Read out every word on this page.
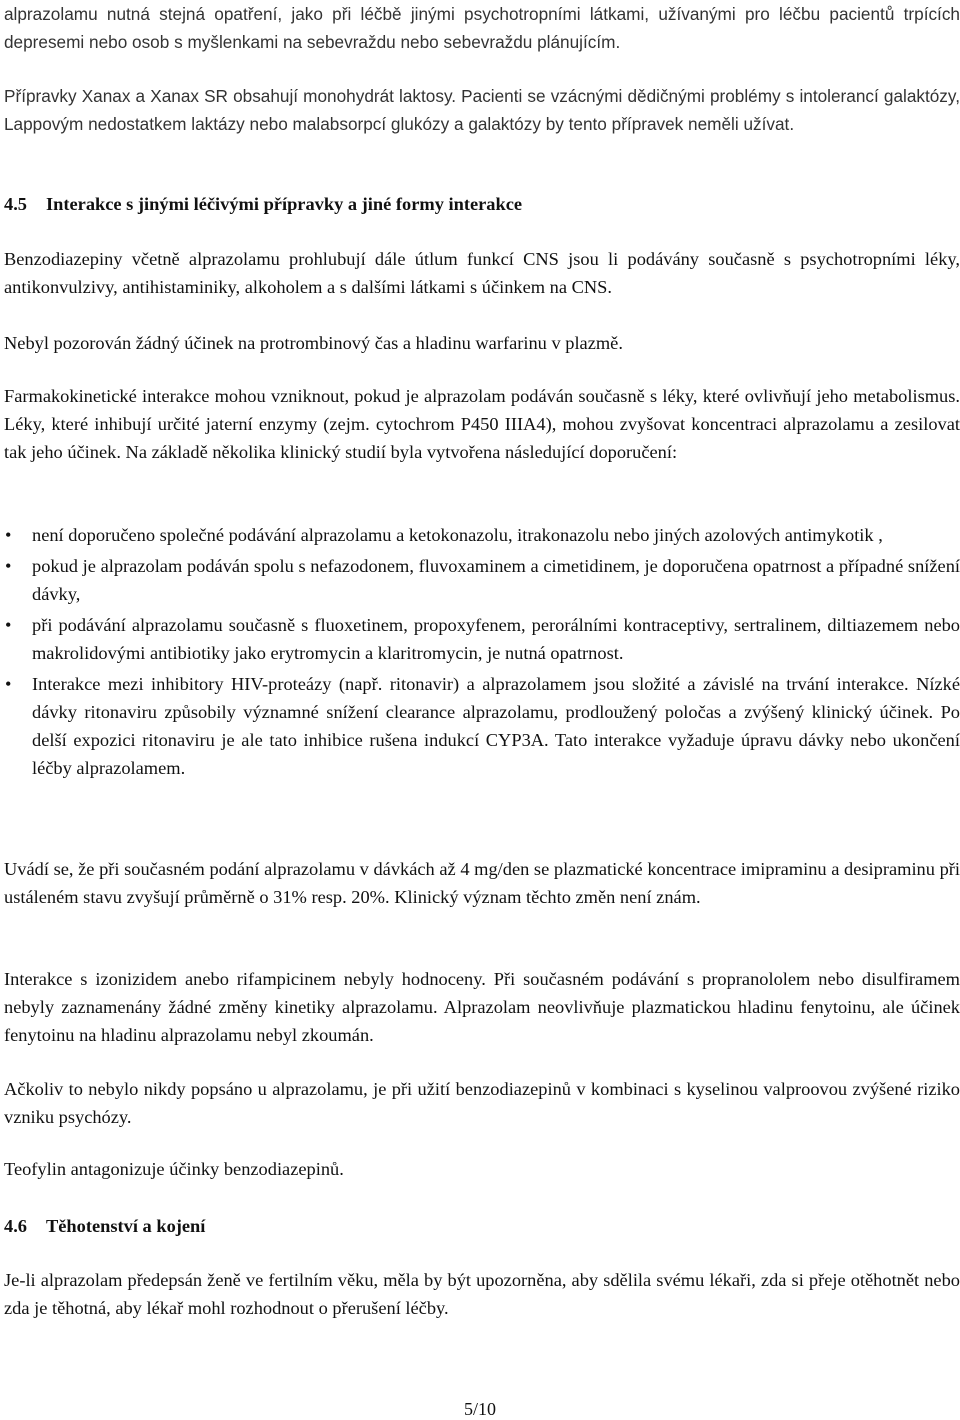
alprazolamu nutná stejná opatření, jako při léčbě jinými psychotropními látkami, užívanými pro léčbu pacientů trpících depresemi nebo osob s myšlenkami na sebevraždu nebo sebevraždu plánujícím.

Přípravky Xanax a Xanax SR obsahují monohydrát laktosy. Pacienti se vzácnými dědičnými problémy s intolerancí galaktózy, Lappovým nedostatkem laktázy nebo malabsorpcí glukózy a galaktózy by tento přípravek neměli užívat.

4.5 Interakce s jinými léčivými přípravky a jiné formy interakce

Benzodiazepiny včetně alprazolamu prohlubují dále útlum funkcí CNS jsou li podávány současně s psychotropními léky, antikonvulzivy, antihistaminiky, alkoholem a s dalšími látkami s účinkem na CNS.

Nebyl pozorován žádný účinek na protrombinový čas a hladinu warfarinu v plazmě.

Farmakokinetické interakce mohou vzniknout, pokud je alprazolam podáván současně s léky, které ovlivňují jeho metabolismus. Léky, které inhibují určité jaterní enzymy (zejm. cytochrom P450 IIIA4), mohou zvyšovat koncentraci alprazolamu a zesilovat tak jeho účinek. Na základě několika klinický studií byla vytvořena následující doporučení:

• není doporučeno společné podávání alprazolamu a ketokonazolu, itrakonazolu nebo jiných azolových antimykotik ,
• pokud je alprazolam podáván spolu s nefazodonem, fluvoxaminem a cimetidinem, je doporučena opatrnost a případné snížení dávky,
• při podávání alprazolamu současně s fluoxetinem, propoxyfenem, perorálními kontraceptivy, sertralinem, diltiazemem nebo makrolidovými antibiotiky jako erytromycin a klaritromycin, je nutná opatrnost.
• Interakce mezi inhibitory HIV-proteázy (např. ritonavir) a alprazolamem jsou složité a závislé na trvání interakce. Nízké dávky ritonaviru způsobily významné snížení clearance alprazolamu, prodloužený poločas a zvýšený klinický účinek. Po delší expozici ritonaviru je ale tato inhibice rušena indukcí CYP3A. Tato interakce vyžaduje úpravu dávky nebo ukončení léčby alprazolamem.

Uvádí se, že při současném podání alprazolamu v dávkách až 4 mg/den se plazmatické koncentrace imipraminu a desipraminu při ustáleném stavu zvyšují průměrně o 31% resp. 20%. Klinický význam těchto změn není znám.

Interakce s izonizidem anebo rifampicinem nebyly hodnoceny. Při současném podávání s propranololem nebo disulfiramem nebyly zaznamenány žádné změny kinetiky alprazolamu. Alprazolam neovlivňuje plazmatickou hladinu fenytoinu, ale účinek fenytoinu na hladinu alprazolamu nebyl zkoumán.

Ačkoliv to nebylo nikdy popsáno u alprazolamu, je při užití benzodiazepinů v kombinaci s kyselinou valproovou zvýšené riziko vzniku psychózy.

Teofylin antagonizuje účinky benzodiazepinů.

4.6 Těhotenství a kojení

Je-li alprazolam předepsán ženě ve fertilním věku, měla by být upozorněna, aby sdělila svému lékaři, zda si přeje otěhotnět nebo zda je těhotná, aby lékař mohl rozhodnout o přerušení léčby.

5/10
